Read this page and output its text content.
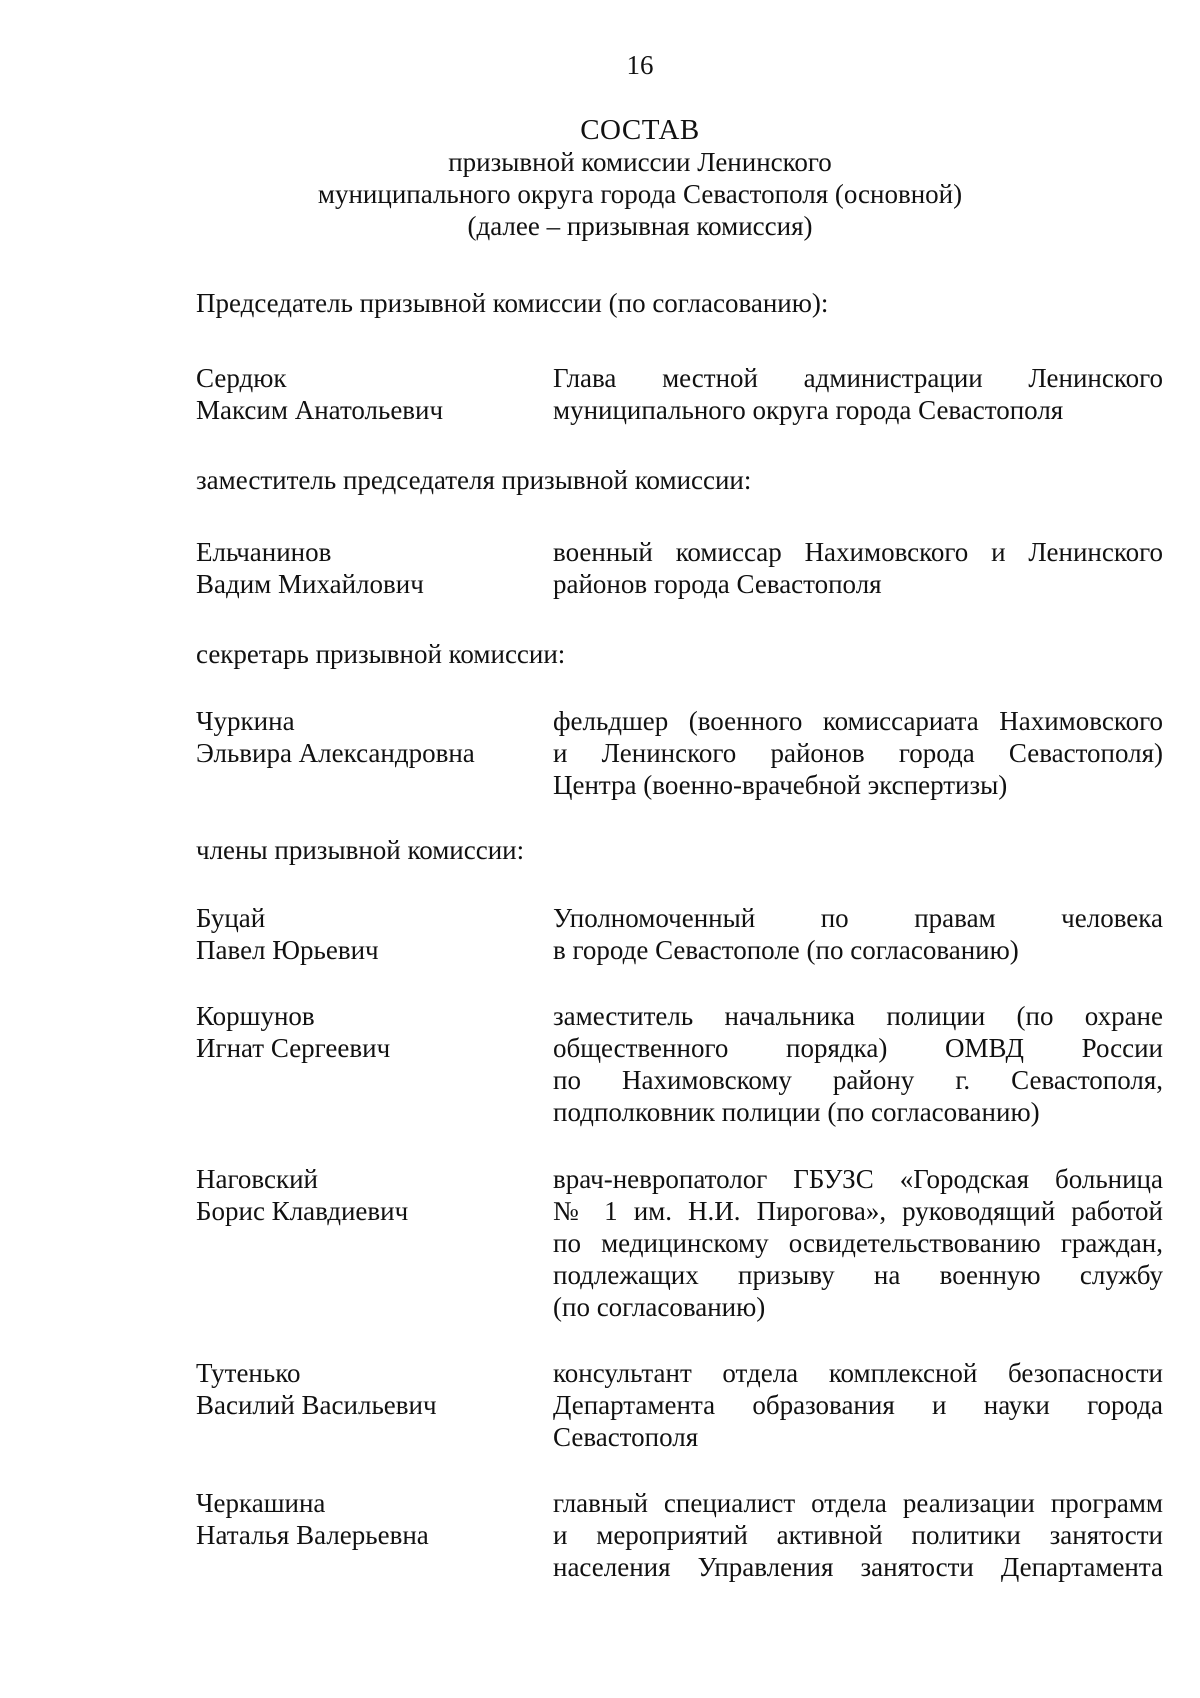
16
СОСТАВ
призывной комиссии Ленинского
муниципального округа города Севастополя (основной)
(далее – призывная комиссия)
Председатель призывной комиссии (по согласованию):
Сердюк
Максим Анатольевич
Глава местной администрации Ленинского
муниципального округа города Севастополя
заместитель председателя призывной комиссии:
Ельчанинов
Вадим Михайлович
военный комиссар Нахимовского и Ленинского
районов города Севастополя
секретарь призывной комиссии:
Чуркина
Эльвира Александровна
фельдшер (военного комиссариата Нахимовского
и Ленинского районов города Севастополя)
Центра (военно-врачебной экспертизы)
члены призывной комиссии:
Буцай
Павел Юрьевич
Уполномоченный по правам человека
в городе Севастополе (по согласованию)
Коршунов
Игнат Сергеевич
заместитель начальника полиции (по охране
общественного порядка) ОМВД России
по Нахимовскому району г. Севастополя,
подполковник полиции (по согласованию)
Наговский
Борис Клавдиевич
врач-невропатолог ГБУЗС «Городская больница
№ 1 им. Н.И. Пирогова», руководящий работой
по медицинскому освидетельствованию граждан,
подлежащих призыву на военную службу
(по согласованию)
Тутенько
Василий Васильевич
консультант отдела комплексной безопасности
Департамента образования и науки города
Севастополя
Черкашина
Наталья Валерьевна
главный специалист отдела реализации программ
и мероприятий активной политики занятости
населения Управления занятости Департамента
